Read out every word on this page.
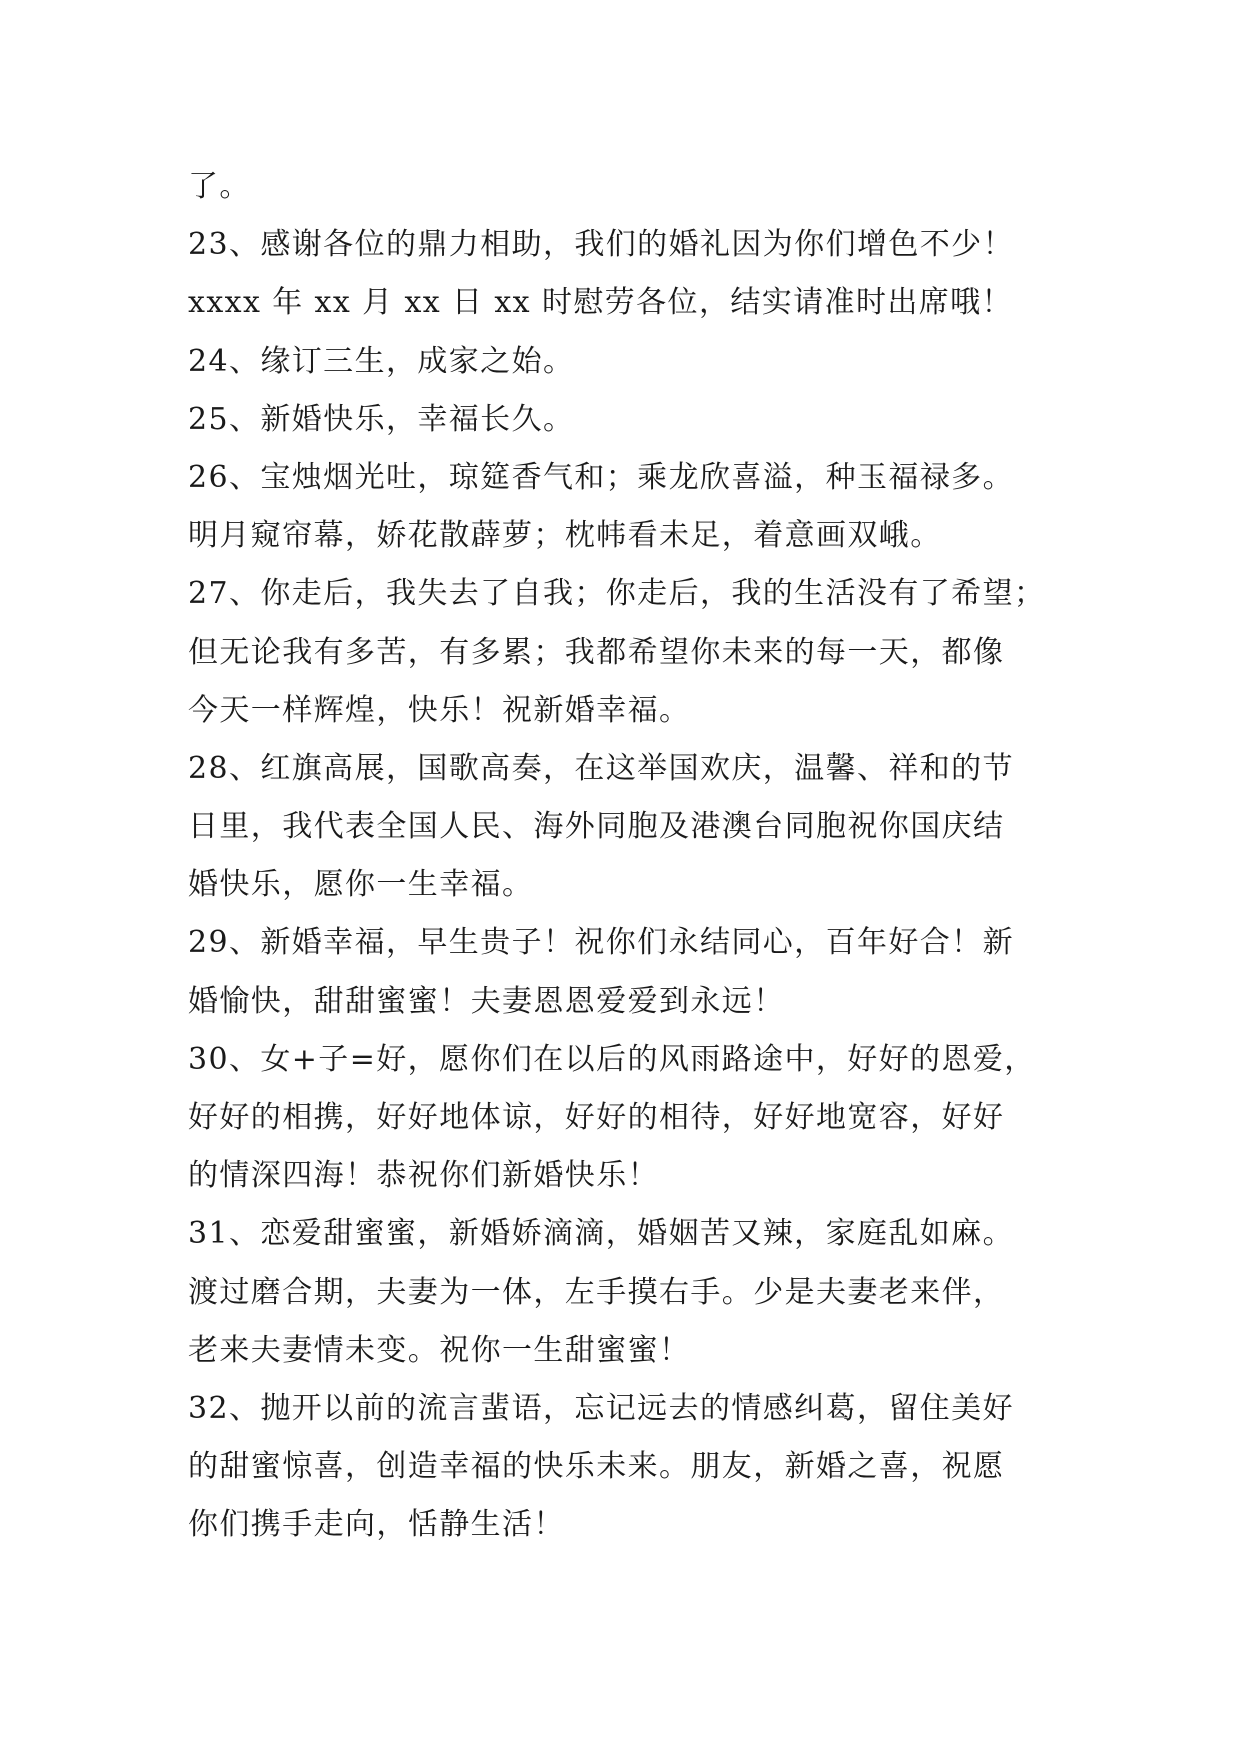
了。
23、感谢各位的鼎力相助，我们的婚礼因为你们增色不少！
xxxx 年 xx 月 xx 日 xx 时慰劳各位，结实请准时出席哦！
24、缘订三生，成家之始。
25、新婚快乐，幸福长久。
26、宝烛烟光吐，琼筵香气和；乘龙欣喜溢，种玉福禄多。
明月窥帘幕，娇花散薜萝；枕帏看未足，着意画双峨。
27、你走后，我失去了自我；你走后，我的生活没有了希望；
但无论我有多苦，有多累；我都希望你未来的每一天，都像
今天一样辉煌，快乐！祝新婚幸福。
28、红旗高展，国歌高奏，在这举国欢庆，温馨、祥和的节
日里，我代表全国人民、海外同胞及港澳台同胞祝你国庆结
婚快乐，愿你一生幸福。
29、新婚幸福，早生贵子！祝你们永结同心，百年好合！新
婚愉快，甜甜蜜蜜！夫妻恩恩爱爱到永远！
30、女+子=好，愿你们在以后的风雨路途中，好好的恩爱，
好好的相携，好好地体谅，好好的相待，好好地宽容，好好
的情深四海！恭祝你们新婚快乐！
31、恋爱甜蜜蜜，新婚娇滴滴，婚姻苦又辣，家庭乱如麻。
渡过磨合期，夫妻为一体，左手摸右手。少是夫妻老来伴，
老来夫妻情未变。祝你一生甜蜜蜜！
32、抛开以前的流言蜚语，忘记远去的情感纠葛，留住美好
的甜蜜惊喜，创造幸福的快乐未来。朋友，新婚之喜，祝愿
你们携手走向，恬静生活！
